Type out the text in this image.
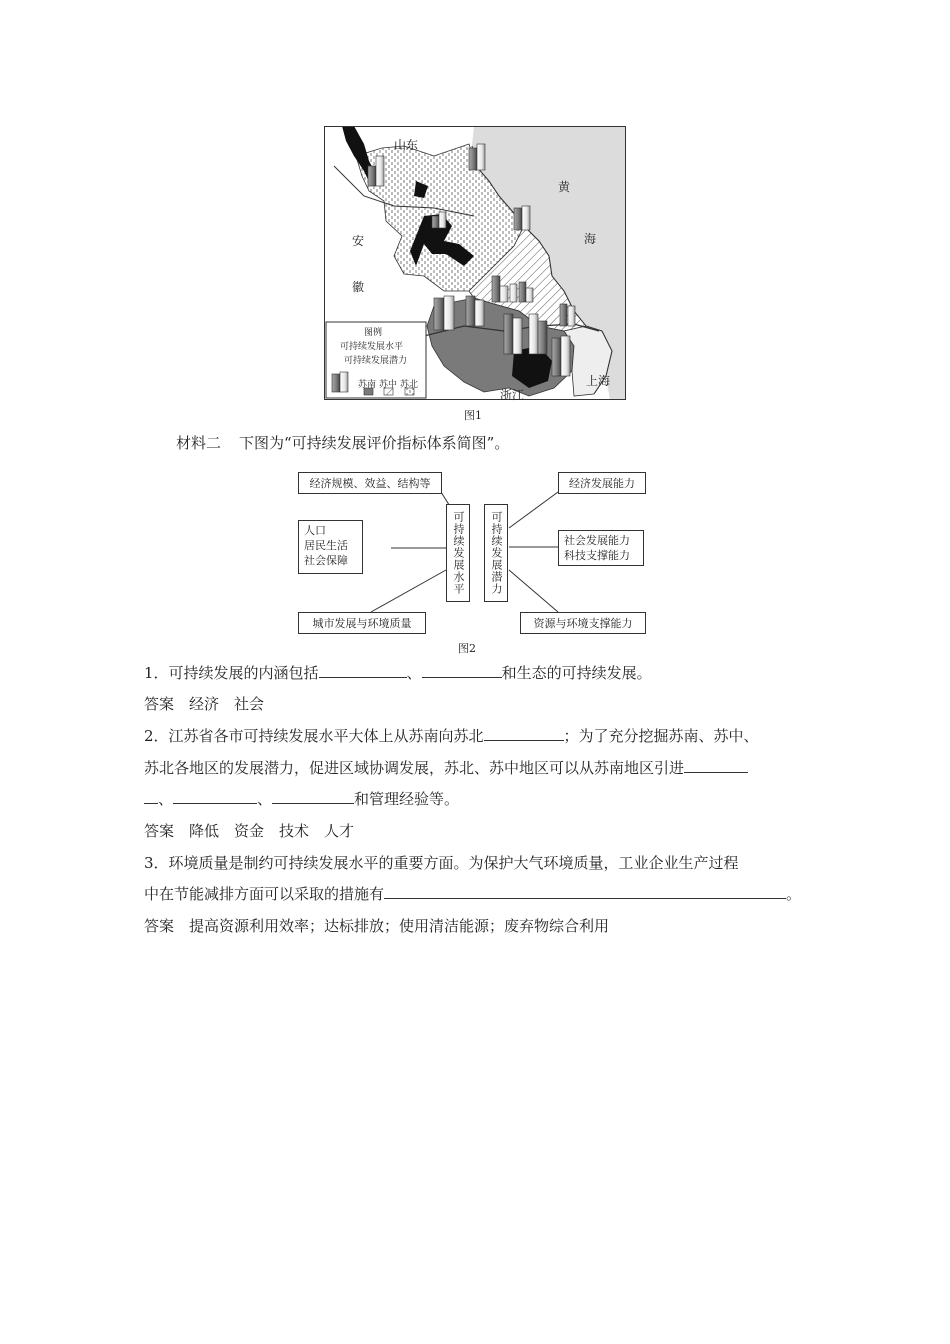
山东
安
徽
黄
海
上海
浙江
图例
可持续发展水平
可持续发展潜力
苏南 苏中 苏北
图1
材料二 下图为“可持续发展评价指标体系简图”。
经济规模、效益、结构等
人口
居民生活
社会保障
城市发展与环境质量
可持续发展水平	可持续发展潜力
经济发展能力
社会发展能力
科技支撑能力
资源与环境支撑能力
图2
1．可持续发展的内涵包括	、	和生态的可持续发展。
答案 经济　社会
2．江苏省各市可持续发展水平大体上从苏南向苏北	；为了充分挖掘苏南、苏中、
苏北各地区的发展潜力，促进区域协调发展，苏北、苏中地区可以从苏南地区引进
、	、	和管理经验等。
答案 降低　资金　技术　人才
3．环境质量是制约可持续发展水平的重要方面。为保护大气环境质量，工业企业生产过程
中在节能减排方面可以采取的措施有	。
答案 提高资源利用效率；达标排放；使用清洁能源；废弃物综合利用
